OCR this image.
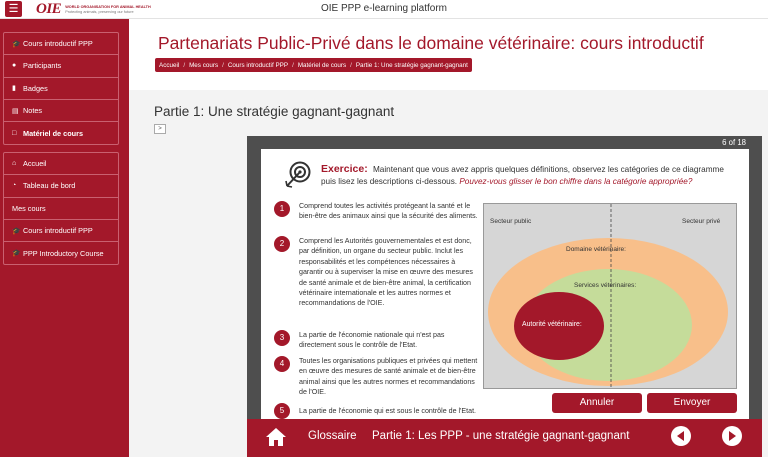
☰ OIE WORLD ORGANISATION FOR ANIMAL HEALTH
Protecting animals, preserving our future	OIE PPP e-learning platform
🎓 Cours introductif PPP
● Participants
▮ Badges
▤ Notes
□ Matériel de cours
⌂ Accueil
◔ Tableau de bord
Mes cours
🎓 Cours introductif PPP
🎓 PPP Introductory Course
Partenariats Public-Privé dans le domaine vétérinaire: cours introductif
Accueil / Mes cours / Cours introductif PPP / Matériel de cours / Partie 1: Une stratégie gagnant-gagnant
Partie 1: Une stratégie gagnant-gagnant
>
6 of 18
Exercice: Maintenant que vous avez appris quelques définitions, observez les catégories de ce diagramme puis lisez les descriptions ci-dessous. Pouvez-vous glisser le bon chiffre dans la catégorie appropriée?
1	Comprend toutes les activités protégeant la santé et le bien-être des animaux ainsi que la sécurité des aliments.
2	Comprend les Autorités gouvernementales et est donc, par définition, un organe du secteur public. Inclut les responsabilités et les compétences nécessaires à garantir ou à superviser la mise en œuvre des mesures de santé animale et de bien-être animal, la certification vétérinaire internationale et les autres normes et recommandations de l'OIE.
3	La partie de l'économie nationale qui n'est pas directement sous le contrôle de l'Etat.
4	Toutes les organisations publiques et privées qui mettent en œuvre des mesures de santé animale et de bien-être animal ainsi que les autres normes et recommandations de l'OIE.
5	La partie de l'économie qui est sous le contrôle de l'Etat.
Secteur public	Secteur privé
Domaine vétérinaire:
Services vétérinaires:
Autorité vétérinaire:
Annuler	Envoyer
Glossaire Partie 1: Les PPP - une stratégie gagnant-gagnant
